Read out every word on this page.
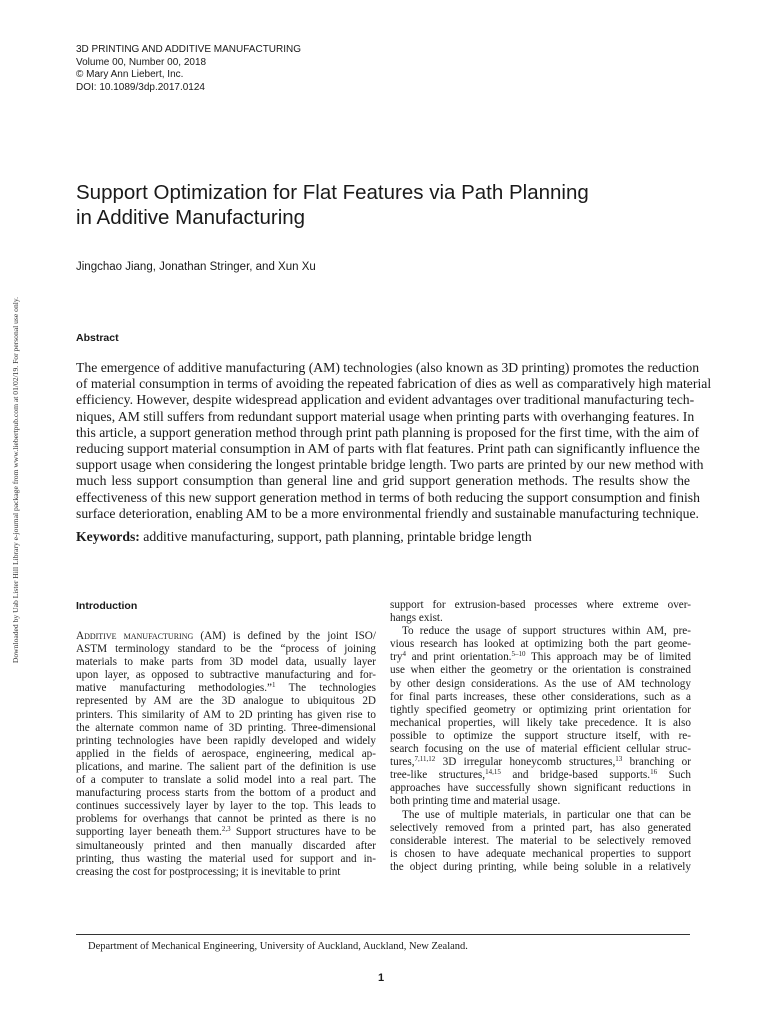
3D PRINTING AND ADDITIVE MANUFACTURING
Volume 00, Number 00, 2018
© Mary Ann Liebert, Inc.
DOI: 10.1089/3dp.2017.0124
Support Optimization for Flat Features via Path Planning
in Additive Manufacturing
Jingchao Jiang, Jonathan Stringer, and Xun Xu
Abstract
The emergence of additive manufacturing (AM) technologies (also known as 3D printing) promotes the reduction
of material consumption in terms of avoiding the repeated fabrication of dies as well as comparatively high material
efficiency. However, despite widespread application and evident advantages over traditional manufacturing tech-
niques, AM still suffers from redundant support material usage when printing parts with overhanging features. In
this article, a support generation method through print path planning is proposed for the first time, with the aim of
reducing support material consumption in AM of parts with flat features. Print path can significantly influence the
support usage when considering the longest printable bridge length. Two parts are printed by our new method with
much less support consumption than general line and grid support generation methods. The results show the
effectiveness of this new support generation method in terms of both reducing the support consumption and finish
surface deterioration, enabling AM to be a more environmental friendly and sustainable manufacturing technique.
Keywords: additive manufacturing, support, path planning, printable bridge length
Introduction
Additive manufacturing (AM) is defined by the joint ISO/
ASTM terminology standard to be the “process of joining
materials to make parts from 3D model data, usually layer
upon layer, as opposed to subtractive manufacturing and for-
mative manufacturing methodologies.”$^1$ The technologies
represented by AM are the 3D analogue to ubiquitous 2D
printers. This similarity of AM to 2D printing has given rise to
the alternate common name of 3D printing. Three-dimensional
printing technologies have been rapidly developed and widely
applied in the fields of aerospace, engineering, medical ap-
plications, and marine. The salient part of the definition is use
of a computer to translate a solid model into a real part. The
manufacturing process starts from the bottom of a product and
continues successively layer by layer to the top. This leads to
problems for overhangs that cannot be printed as there is no
supporting layer beneath them.$^{2,3}$ Support structures have to be
simultaneously printed and then manually discarded after
printing, thus wasting the material used for support and in-
creasing the cost for postprocessing; it is inevitable to print
support for extrusion-based processes where extreme over-
hangs exist.
To reduce the usage of support structures within AM, pre-
vious research has looked at optimizing both the part geome-
try$^4$ and print orientation.$^{5-10}$ This approach may be of limited
use when either the geometry or the orientation is constrained
by other design considerations. As the use of AM technology
for final parts increases, these other considerations, such as a
tightly specified geometry or optimizing print orientation for
mechanical properties, will likely take precedence. It is also
possible to optimize the support structure itself, with re-
search focusing on the use of material efficient cellular struc-
tures,$^{7,11,12}$ 3D irregular honeycomb structures,$^{13}$ branching or
tree-like structures,$^{14,15}$ and bridge-based supports.$^{16}$ Such
approaches have successfully shown significant reductions in
both printing time and material usage.
The use of multiple materials, in particular one that can be
selectively removed from a printed part, has also generated
considerable interest. The material to be selectively removed
is chosen to have adequate mechanical properties to support
the object during printing, while being soluble in a relatively
Department of Mechanical Engineering, University of Auckland, Auckland, New Zealand.
1
Downloaded by Uab Lister Hill Library e-journal package from www.liebertpub.com at 01/02/19. For personal use only.
